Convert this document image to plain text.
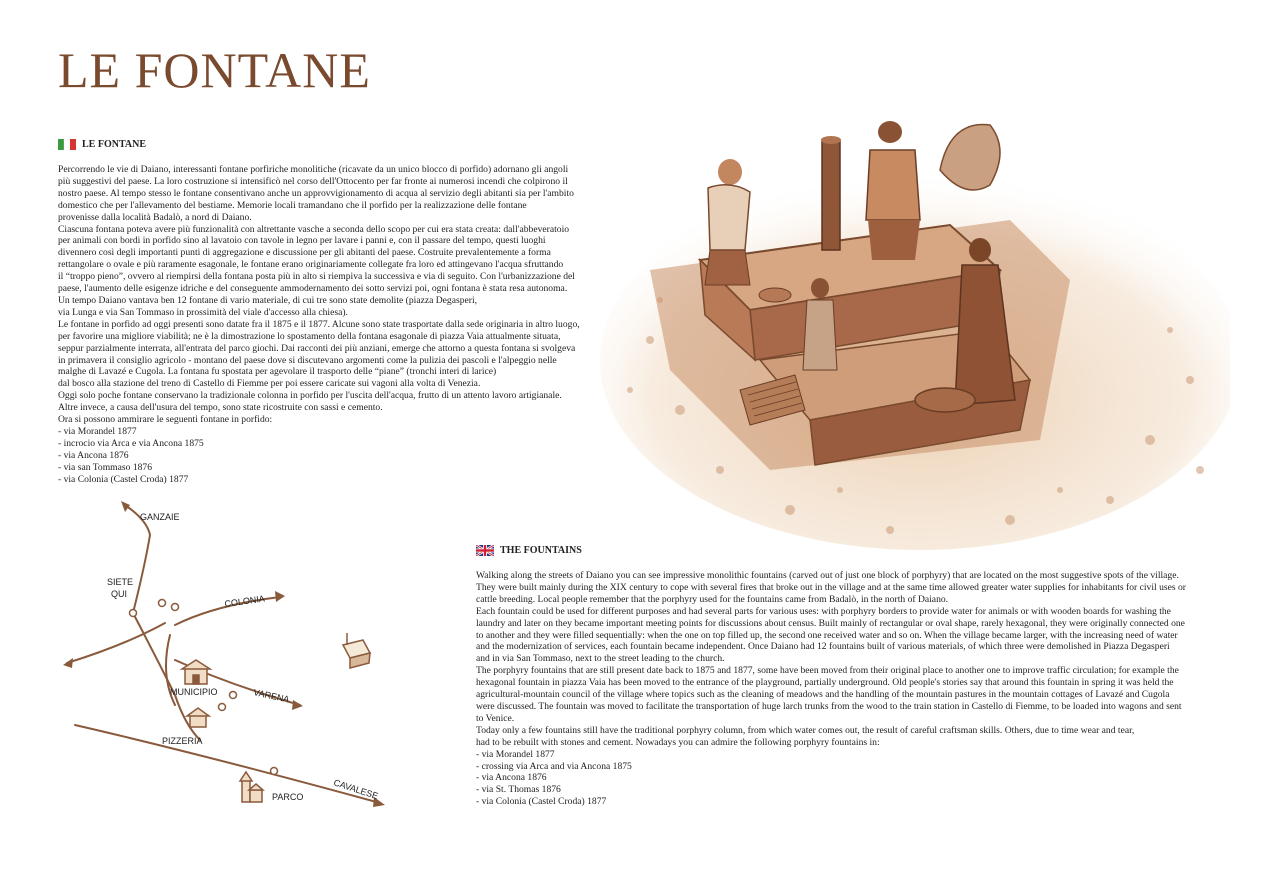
LE FONTANE
LE FONTANE
Percorrendo le vie di Daiano, interessanti fontane porfiriche monolitiche (ricavate da un unico blocco di porfido) adornano gli angoli
più suggestivi del paese. La loro costruzione si intensificò nel corso dell'Ottocento per far fronte ai numerosi incendi che colpirono il
nostro paese. Al tempo stesso le fontane consentivano anche un approvvigionamento di acqua al servizio degli abitanti sia per l'ambito
domestico che per l'allevamento del bestiame. Memorie locali tramandano che il porfido per la realizzazione delle fontane
provenisse dalla località Badalò, a nord di Daiano.
Ciascuna fontana poteva avere più funzionalità con altrettante vasche a seconda dello scopo per cui era stata creata: dall'abbeveratoio
per animali con bordi in porfido sino al lavatoio con tavole in legno per lavare i panni e, con il passare del tempo, questi luoghi
divennero così degli importanti punti di aggregazione e discussione per gli abitanti del paese. Costruite prevalentemente a forma
rettangolare o ovale e più raramente esagonale, le fontane erano originariamente collegate fra loro ed attingevano l'acqua sfruttando
il “troppo pieno”, ovvero al riempirsi della fontana posta più in alto si riempiva la successiva e via di seguito. Con l'urbanizzazione del
paese, l'aumento delle esigenze idriche e del conseguente ammodernamento dei sotto servizi poi, ogni fontana è stata resa autonoma.
Un tempo Daiano vantava ben 12 fontane di vario materiale, di cui tre sono state demolite (piazza Degasperi,
via Lunga e via San Tommaso in prossimità del viale d'accesso alla chiesa).
Le fontane in porfido ad oggi presenti sono datate fra il 1875 e il 1877. Alcune sono state trasportate dalla sede originaria in altro luogo,
per favorire una migliore viabilità; ne è la dimostrazione lo spostamento della fontana esagonale di piazza Vaia attualmente situata,
seppur parzialmente interrata, all'entrata del parco giochi. Dai racconti dei più anziani, emerge che attorno a questa fontana si svolgeva
in primavera il consiglio agricolo - montano del paese dove si discutevano argomenti come la pulizia dei pascoli e l'alpeggio nelle
malghe di Lavazé e Cugola. La fontana fu spostata per agevolare il trasporto delle “piane” (tronchi interi di larice)
dal bosco alla stazione del treno di Castello di Fiemme per poi essere caricate sui vagoni alla volta di Venezia.
Oggi solo poche fontane conservano la tradizionale colonna in porfido per l'uscita dell'acqua, frutto di un attento lavoro artigianale.
Altre invece, a causa dell'usura del tempo, sono state ricostruite con sassi e cemento.
Ora si possono ammirare le seguenti fontane in porfido:
- via Morandel 1877
- incrocio via Arca e via Ancona 1875
- via Ancona 1876
- via san Tommaso 1876
- via Colonia (Castel Croda) 1877
THE FOUNTAINS
Walking along the streets of Daiano you can see impressive monolithic fountains (carved out of just one block of porphyry) that are located on the most suggestive spots of the village.
They were built mainly during the XIX century to cope with several fires that broke out in the village and at the same time allowed greater water supplies for inhabitants for civil uses or
cattle breeding. Local people remember that the porphyry used for the fountains came from Badalò, in the north of Daiano.
Each fountain could be used for different purposes and had several parts for various uses: with porphyry borders to provide water for animals or with wooden boards for washing the
laundry and later on they became important meeting points for discussions about census. Built mainly of rectangular or oval shape, rarely hexagonal, they were originally connected one
to another and they were filled sequentially: when the one on top filled up, the second one received water and so on. When the village became larger, with the increasing need of water
and the modernization of services, each fountain became independent. Once Daiano had 12 fountains built of various materials, of which three were demolished in Piazza Degasperi
and in via San Tommaso, next to the street leading to the church.
The porphyry fountains that are still present date back to 1875 and 1877, some have been moved from their original place to another one to improve traffic circulation; for example the
hexagonal fountain in piazza Vaia has been moved to the entrance of the playground, partially underground. Old people's stories say that around this fountain in spring it was held the
agricultural-mountain council of the village where topics such as the cleaning of meadows and the handling of the mountain pastures in the mountain cottages of Lavazé and Cugola
were discussed. The fountain was moved to facilitate the transportation of huge larch trunks from the wood to the train station in Castello di Fiemme, to be loaded into wagons and sent
to Venice.
Today only a few fountains still have the traditional porphyry column, from which water comes out, the result of careful craftsman skills. Others, due to time wear and tear,
had to be rebuilt with stones and cement. Nowadays you can admire the following porphyry fountains in:
- via Morandel 1877
- crossing via Arca and via Ancona 1875
- via Ancona 1876
- via St. Thomas 1876
- via Colonia (Castel Croda) 1877
GANZAIE
SIETE
QUI	COLONIA
MUNICIPIO	VARENA
PIZZERIA
CAVALESE
PARCO
